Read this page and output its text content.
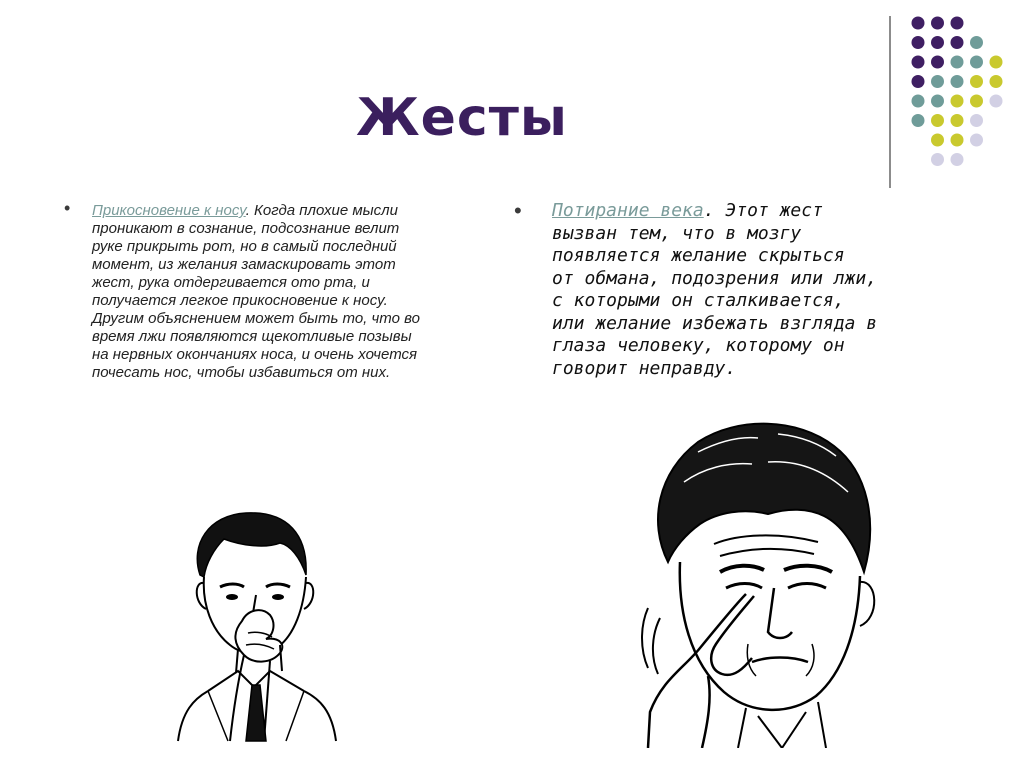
Жесты
• Прикосновение к носу. Когда плохие мысли
проникают в сознание, подсознание велит
руке прикрыть рот, но в самый последний
момент, из желания замаскировать этот
жест, рука отдергивается ото рта, и
получается легкое прикосновение к носу.
Другим объяснением может быть то, что во
время лжи появляются щекотливые позывы
на нервных окончаниях носа, и очень хочется
почесать нос, чтобы избавиться от них.
• Потирание века. Этот жест
вызван тем, что в мозгу
появляется желание скрыться
от обмана, подозрения или лжи,
с которыми он сталкивается,
или желание избежать взгляда в
глаза человеку, которому он
говорит неправду.
